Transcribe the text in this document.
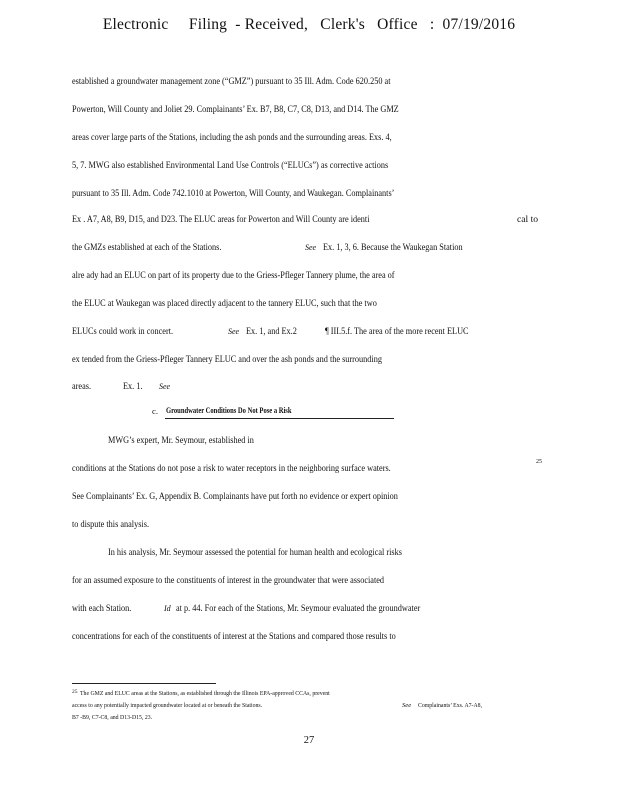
Electronic     Filing  - Received,   Clerk's   Office   :  07/19/2016
established a groundwater management zone (“GMZ”) pursuant to 35 Ill. Adm. Code 620.250 at
Powerton, Will County and Joliet 29. Complainants’ Ex. B7, B8, C7, C8, D13, and D14. The GMZ
areas cover large parts of the Stations, including the ash ponds and the surrounding areas. Exs. 4,
5, 7. MWG also established Environmental Land Use Controls (“ELUCs”) as corrective actions
pursuant to 35 Ill. Adm. Code 742.1010 at Powerton, Will County, and Waukegan. Complainants’
Ex . A7, A8, B9, D15, and D23. The ELUC areas for Powerton and Will County are identi	cal to
the GMZs established at each of the Stations.	See Ex. 1, 3, 6. Because the Waukegan Station
alre ady had an ELUC on part of its property due to the Griess-Pfleger Tannery plume, the area of
the ELUC at Waukegan was placed directly adjacent to the tannery ELUC, such that the two
ELUCs could work in concert.	See Ex. 1, and Ex.2	¶ III.5.f. The area of the more recent ELUC
ex tended from the Griess-Pfleger Tannery ELUC and over the ash ponds and the surrounding
areas.	Ex. 1. See
c. Groundwater Conditions Do Not Pose a Risk
MWG’s expert, Mr. Seymour, established in
conditions at the Stations do not pose a risk to water receptors in the neighboring surface waters.
25
See Complainants’ Ex. G, Appendix B. Complainants have put forth no evidence or expert opinion
to dispute this analysis.
In his analysis, Mr. Seymour assessed the potential for human health and ecological risks
for an assumed exposure to the constituents of interest in the groundwater that were associated
with each Station.	Id at p. 44. For each of the Stations, Mr. Seymour evaluated the groundwater
concentrations for each of the constituents of interest at the Stations and compared those results to
25 The GMZ and ELUC areas at the Stations, as established through the Illinois EPA-approved CCAs, prevent
access to any potentially impacted groundwater located at or beneath the Stations.	See Complainants’ Exs. A7-A8,
B7 -B9, C7-C8, and D13-D15, 23.
27
